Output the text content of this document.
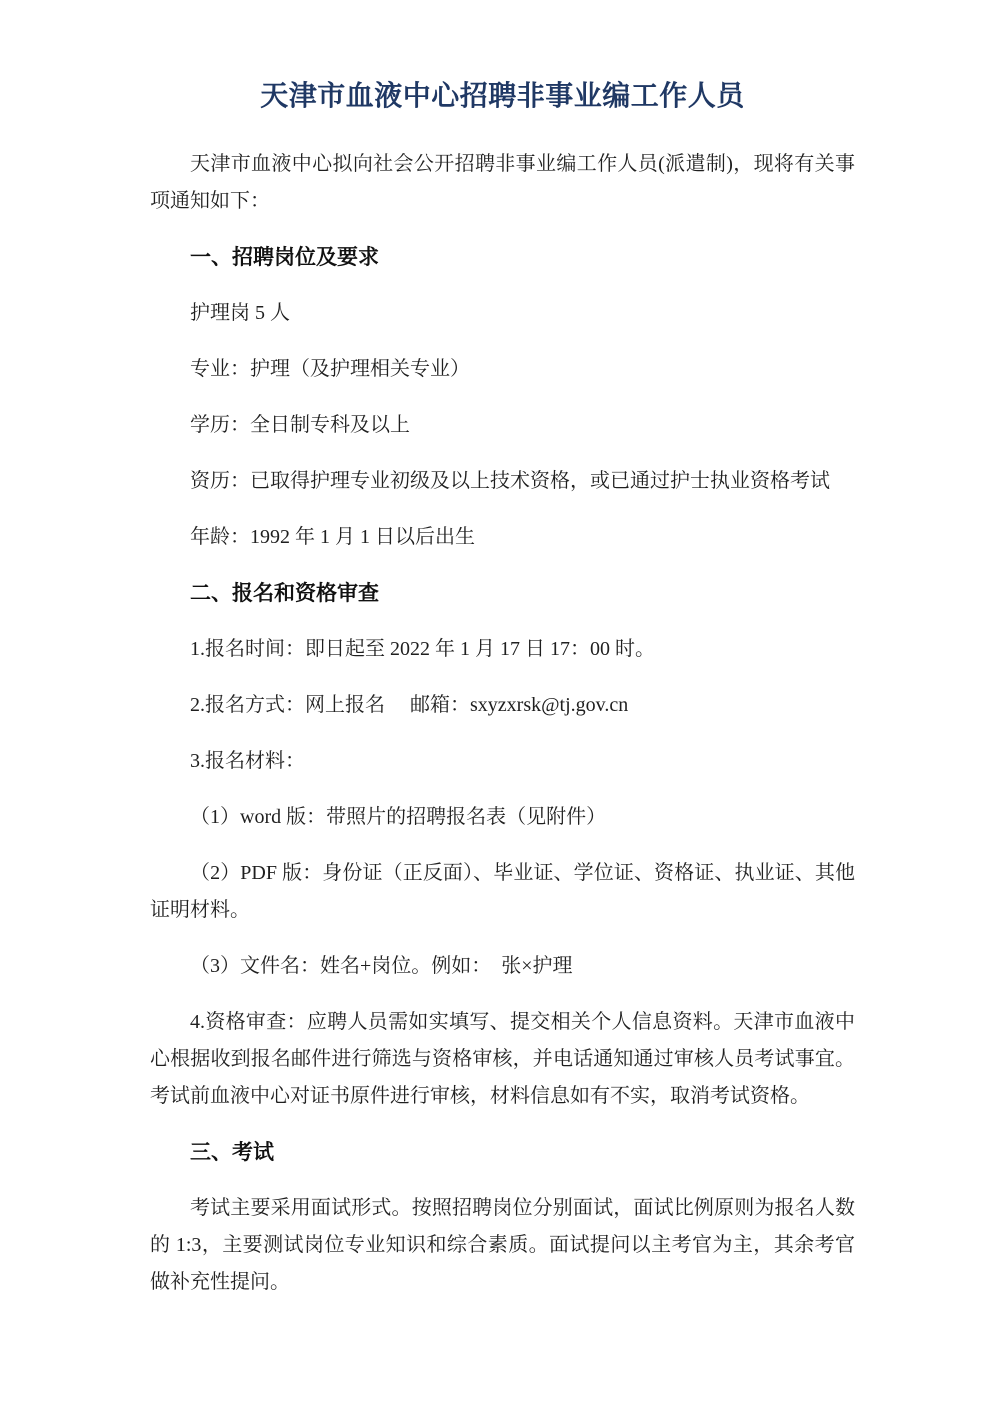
天津市血液中心招聘非事业编工作人员

天津市血液中心拟向社会公开招聘非事业编工作人员(派遣制)，现将有关事项通知如下：

一、招聘岗位及要求

护理岗 5 人

专业：护理（及护理相关专业）

学历：全日制专科及以上

资历：已取得护理专业初级及以上技术资格，或已通过护士执业资格考试

年龄：1992 年 1 月 1 日以后出生

二、报名和资格审查

1.报名时间：即日起至 2022 年 1 月 17 日 17：00 时。

2.报名方式：网上报名　 邮箱：sxyzxrsk@tj.gov.cn

3.报名材料：

（1）word 版：带照片的招聘报名表（见附件）

（2）PDF 版：身份证（正反面）、毕业证、学位证、资格证、执业证、其他证明材料。

（3）文件名：姓名+岗位。例如：　张×护理

4.资格审查：应聘人员需如实填写、提交相关个人信息资料。天津市血液中心根据收到报名邮件进行筛选与资格审核，并电话通知通过审核人员考试事宜。考试前血液中心对证书原件进行审核，材料信息如有不实，取消考试资格。

三、考试

考试主要采用面试形式。按照招聘岗位分别面试，面试比例原则为报名人数的 1:3，主要测试岗位专业知识和综合素质。面试提问以主考官为主，其余考官做补充性提问。
